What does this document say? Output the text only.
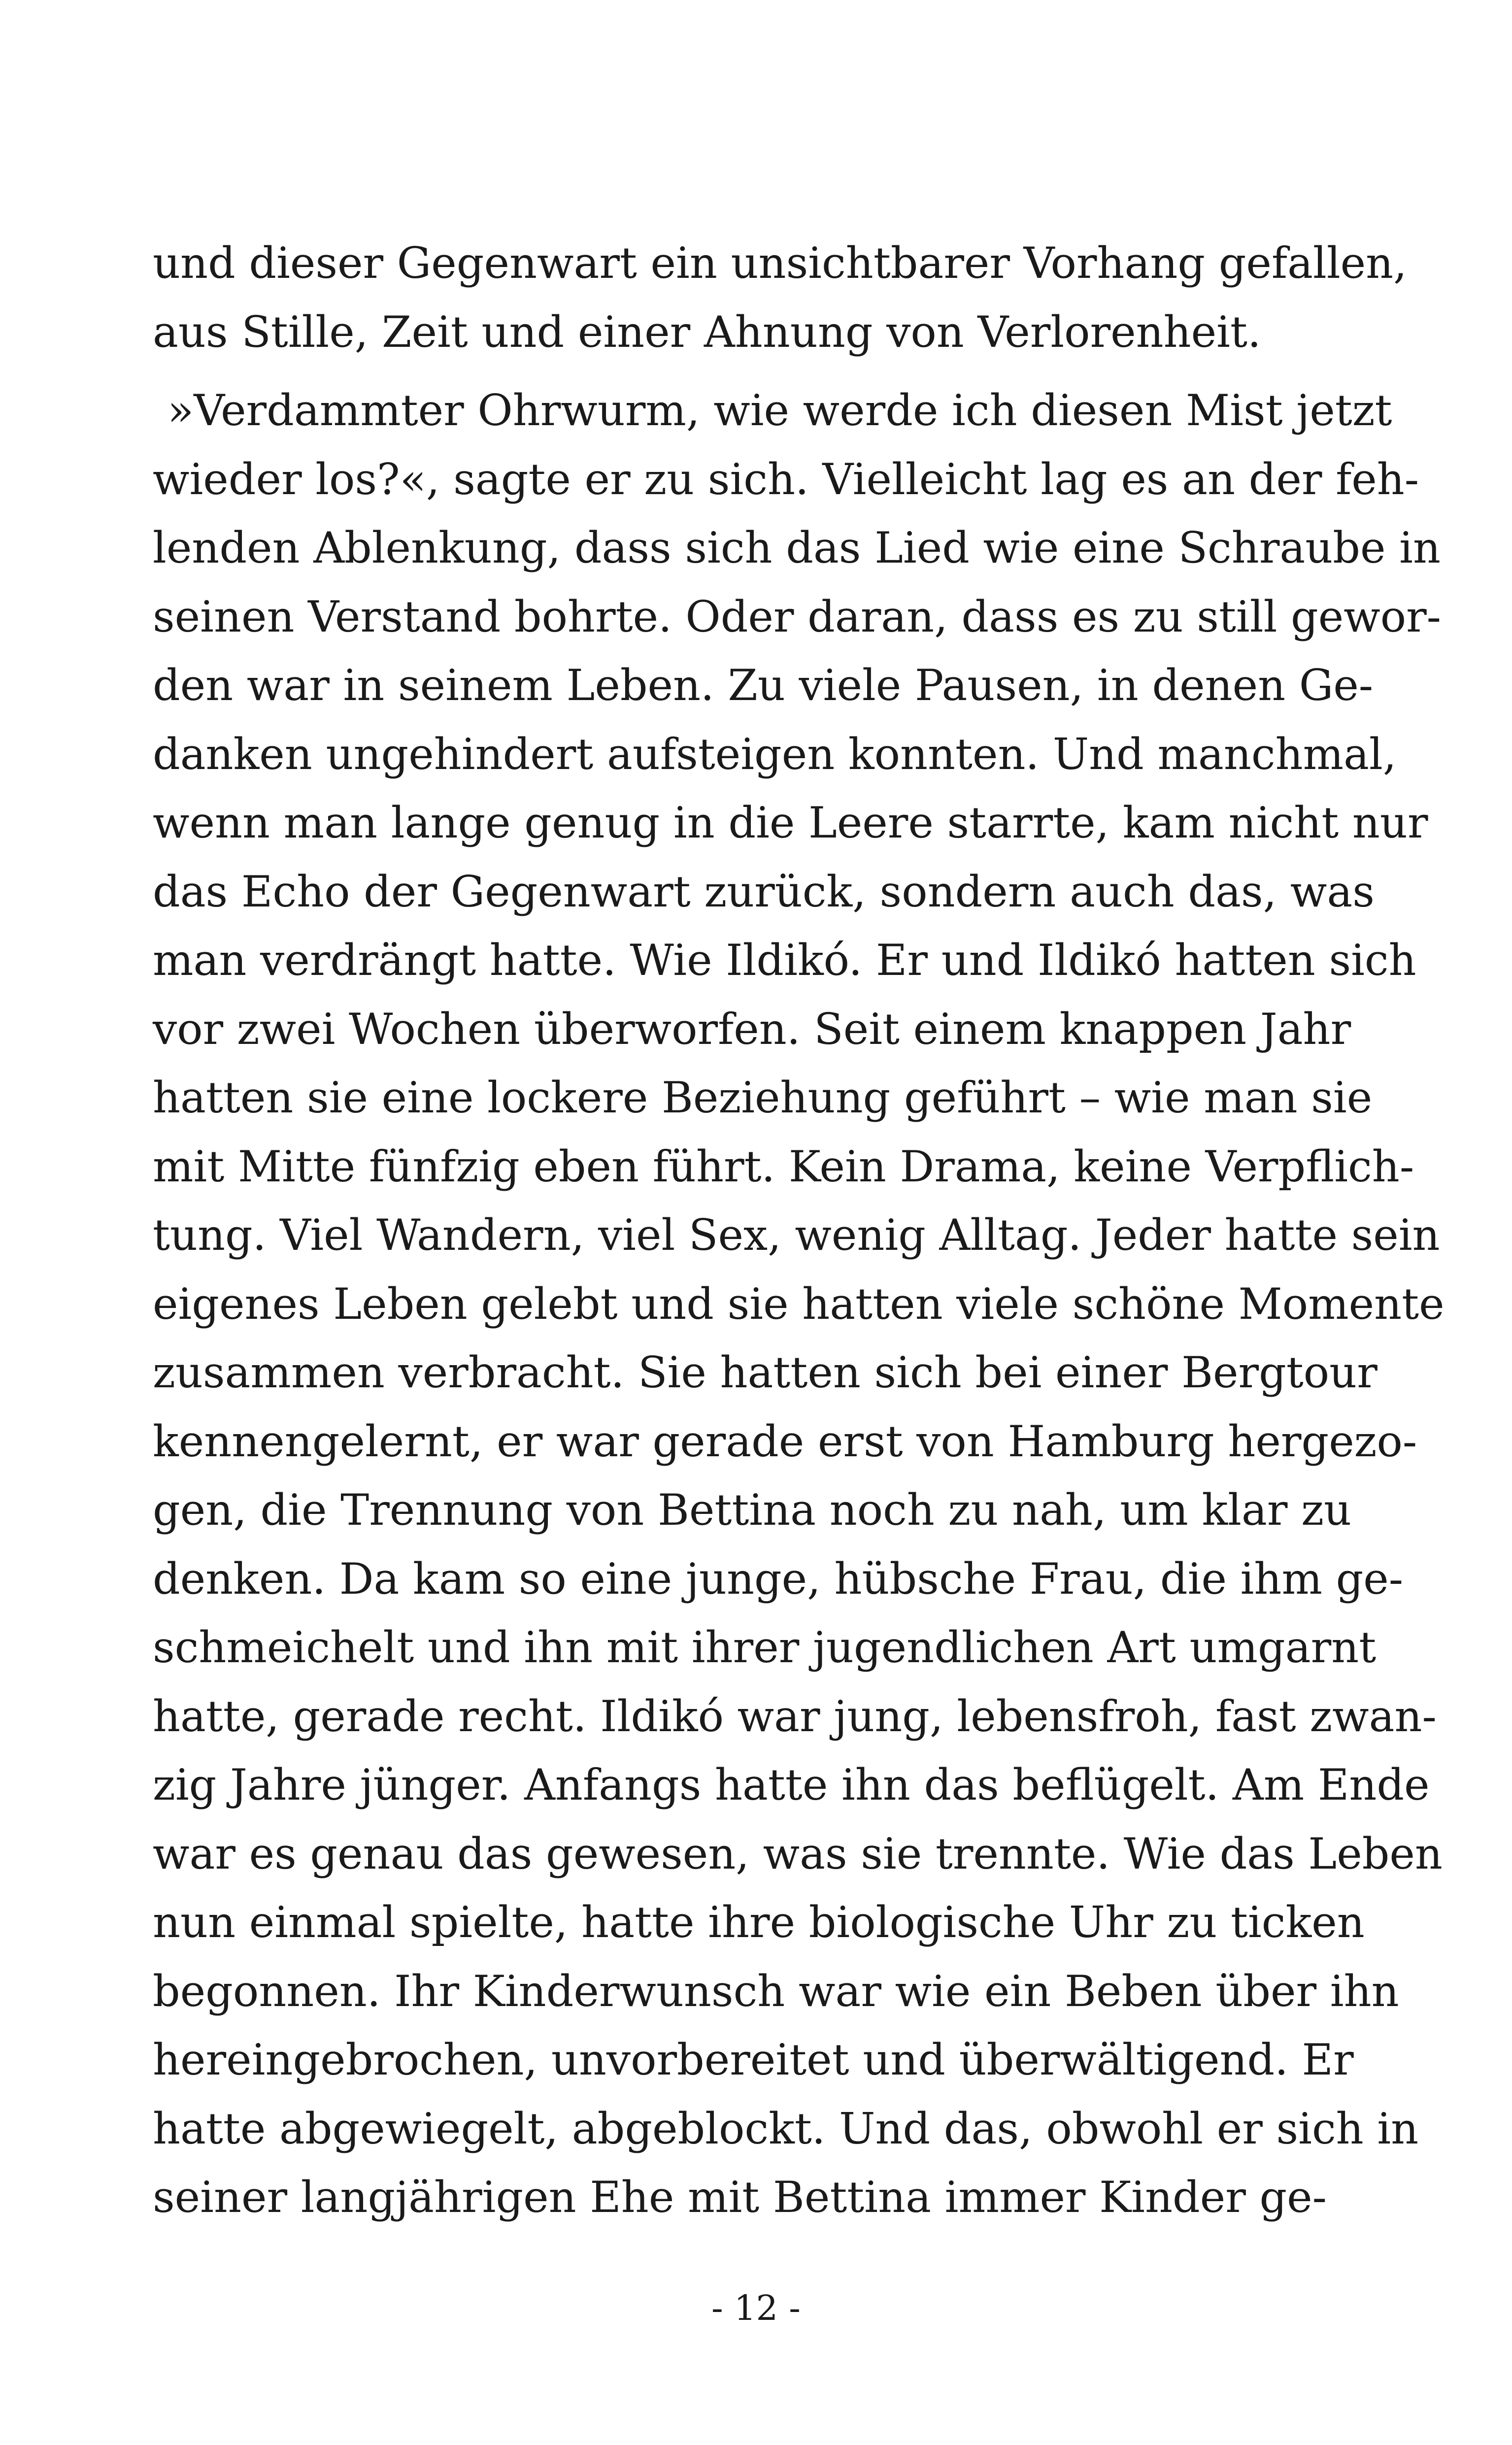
und dieser Gegenwart ein unsichtbarer Vorhang gefallen,
aus Stille, Zeit und einer Ahnung von Verlorenheit.
»Verdammter Ohrwurm, wie werde ich diesen Mist jetzt
wieder los?«, sagte er zu sich. Vielleicht lag es an der feh-
lenden Ablenkung, dass sich das Lied wie eine Schraube in
seinen Verstand bohrte. Oder daran, dass es zu still gewor-
den war in seinem Leben. Zu viele Pausen, in denen Ge-
danken ungehindert aufsteigen konnten. Und manchmal,
wenn man lange genug in die Leere starrte, kam nicht nur
das Echo der Gegenwart zurück, sondern auch das, was
man verdrängt hatte. Wie Ildikó. Er und Ildikó hatten sich
vor zwei Wochen überworfen. Seit einem knappen Jahr
hatten sie eine lockere Beziehung geführt – wie man sie
mit Mitte fünfzig eben führt. Kein Drama, keine Verpflich-
tung. Viel Wandern, viel Sex, wenig Alltag. Jeder hatte sein
eigenes Leben gelebt und sie hatten viele schöne Momente
zusammen verbracht. Sie hatten sich bei einer Bergtour
kennengelernt, er war gerade erst von Hamburg hergezo-
gen, die Trennung von Bettina noch zu nah, um klar zu
denken. Da kam so eine junge, hübsche Frau, die ihm ge-
schmeichelt und ihn mit ihrer jugendlichen Art umgarnt
hatte, gerade recht. Ildikó war jung, lebensfroh, fast zwan-
zig Jahre jünger. Anfangs hatte ihn das beflügelt. Am Ende
war es genau das gewesen, was sie trennte. Wie das Leben
nun einmal spielte, hatte ihre biologische Uhr zu ticken
begonnen. Ihr Kinderwunsch war wie ein Beben über ihn
hereingebrochen, unvorbereitet und überwältigend. Er
hatte abgewiegelt, abgeblockt. Und das, obwohl er sich in
seiner langjährigen Ehe mit Bettina immer Kinder ge-
- 12 -
